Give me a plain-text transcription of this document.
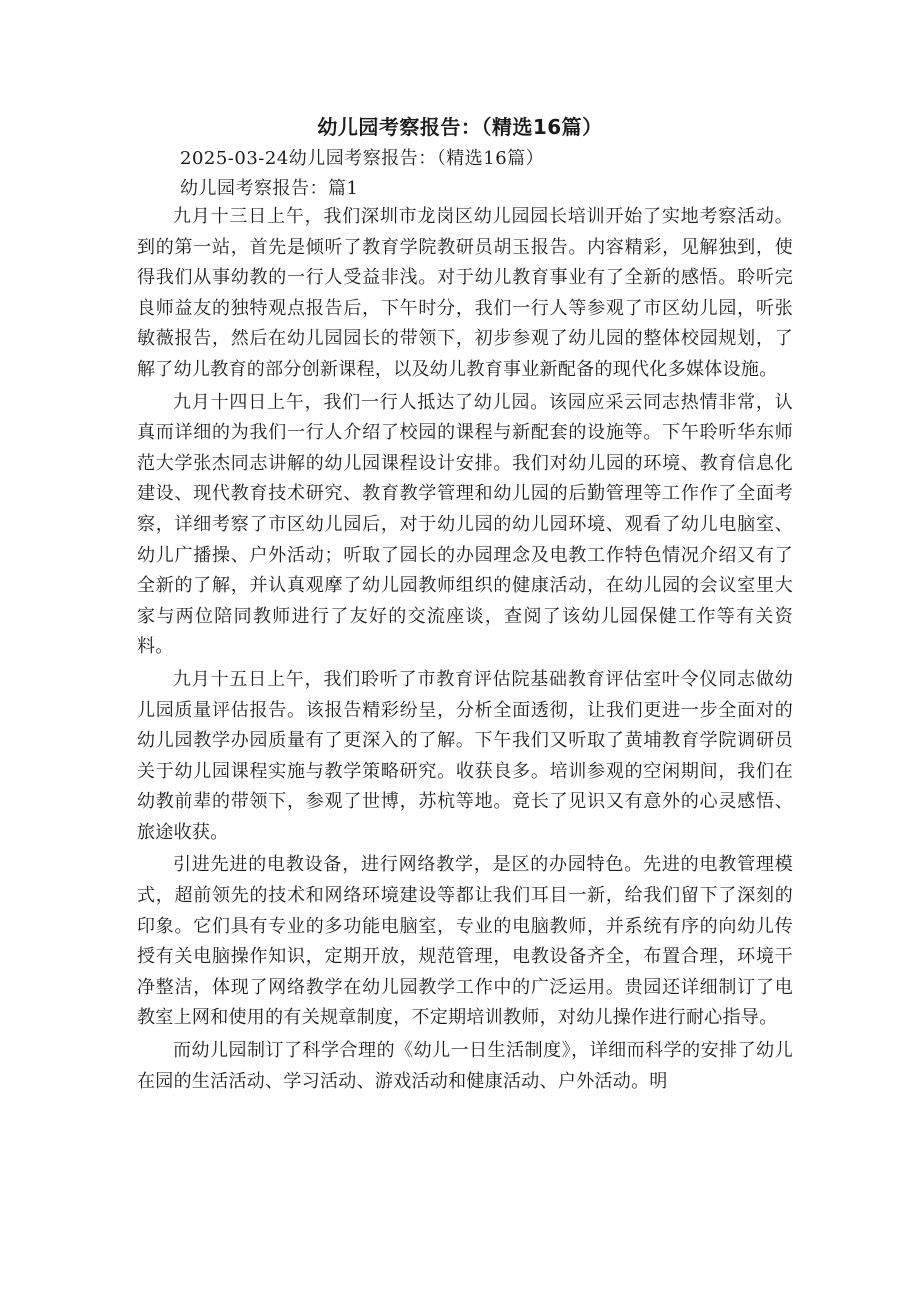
幼儿园考察报告：（精选16篇）
2025-03-24幼儿园考察报告：（精选16篇）
幼儿园考察报告：篇1

九月十三日上午，我们深圳市龙岗区幼儿园园长培训开始了实地考察活动。到的第一站，首先是倾听了教育学院教研员胡玉报告。内容精彩，见解独到，使得我们从事幼教的一行人受益非浅。对于幼儿教育事业有了全新的感悟。聆听完良师益友的独特观点报告后，下午时分，我们一行人等参观了市区幼儿园，听张敏薇报告，然后在幼儿园园长的带领下，初步参观了幼儿园的整体校园规划，了解了幼儿教育的部分创新课程，以及幼儿教育事业新配备的现代化多媒体设施。

九月十四日上午，我们一行人抵达了幼儿园。该园应采云同志热情非常，认真而详细的为我们一行人介绍了校园的课程与新配套的设施等。下午聆听华东师范大学张杰同志讲解的幼儿园课程设计安排。我们对幼儿园的环境、教育信息化建设、现代教育技术研究、教育教学管理和幼儿园的后勤管理等工作作了全面考察，详细考察了市区幼儿园后，对于幼儿园的幼儿园环境、观看了幼儿电脑室、幼儿广播操、户外活动；听取了园长的办园理念及电教工作特色情况介绍又有了全新的了解，并认真观摩了幼儿园教师组织的健康活动，在幼儿园的会议室里大家与两位陪同教师进行了友好的交流座谈，查阅了该幼儿园保健工作等有关资料。

九月十五日上午，我们聆听了市教育评估院基础教育评估室叶令仪同志做幼儿园质量评估报告。该报告精彩纷呈，分析全面透彻，让我们更进一步全面对的幼儿园教学办园质量有了更深入的了解。下午我们又听取了黄埔教育学院调研员关于幼儿园课程实施与教学策略研究。收获良多。培训参观的空闲期间，我们在幼教前辈的带领下，参观了世博，苏杭等地。竟长了见识又有意外的心灵感悟、旅途收获。

引进先进的电教设备，进行网络教学，是区的办园特色。先进的电教管理模式，超前领先的技术和网络环境建设等都让我们耳目一新，给我们留下了深刻的印象。它们具有专业的多功能电脑室，专业的电脑教师，并系统有序的向幼儿传授有关电脑操作知识，定期开放，规范管理，电教设备齐全，布置合理，环境干净整洁，体现了网络教学在幼儿园教学工作中的广泛运用。贵园还详细制订了电教室上网和使用的有关规章制度，不定期培训教师，对幼儿操作进行耐心指导。

而幼儿园制订了科学合理的《幼儿一日生活制度》，详细而科学的安排了幼儿在园的生活活动、学习活动、游戏活动和健康活动、户外活动。明
